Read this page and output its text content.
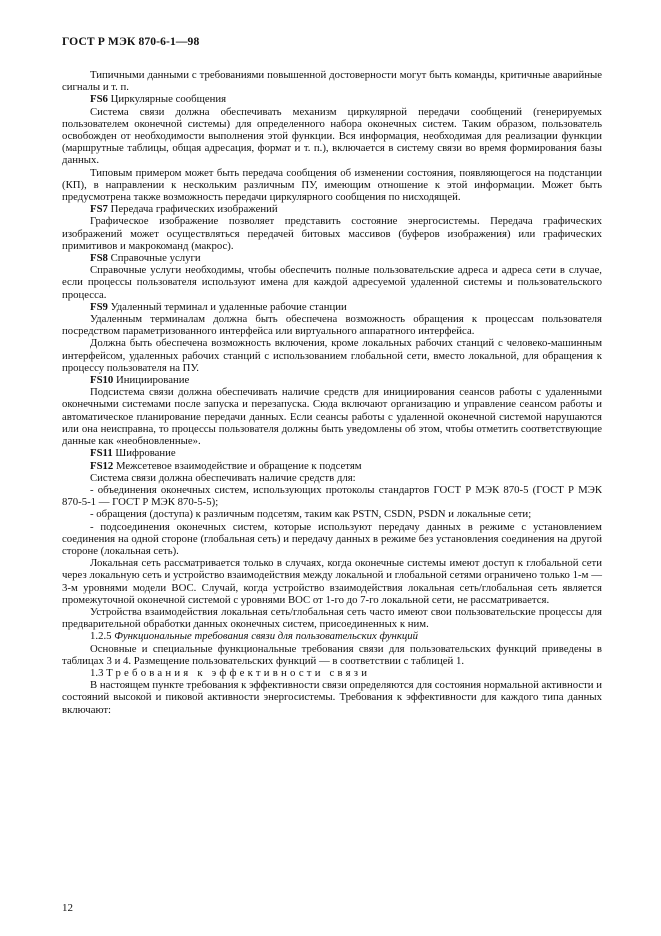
ГОСТ Р МЭК 870-6-1—98

Типичными данными с требованиями повышенной достоверности могут быть команды, критичные аварийные сигналы и т. п.

FS6 Циркулярные сообщения

Система связи должна обеспечивать механизм циркулярной передачи сообщений (генерируемых пользователем оконечной системы) для определенного набора оконечных систем. Таким образом, пользователь освобожден от необходимости выполнения этой функции. Вся информация, необходимая для реализации функции (маршрутные таблицы, общая адресация, формат и т. п.), включается в систему связи во время формирования базы данных.

Типовым примером может быть передача сообщения об изменении состояния, появляющегося на подстанции (КП), в направлении к нескольким различным ПУ, имеющим отношение к этой информации. Может быть предусмотрена также возможность передачи циркулярного сообщения по нисходящей.

FS7 Передача графических изображений

Графическое изображение позволяет представить состояние энергосистемы. Передача графических изображений может осуществляться передачей битовых массивов (буферов изображения) или графических примитивов и макрокоманд (макрос).

FS8 Справочные услуги

Справочные услуги необходимы, чтобы обеспечить полные пользовательские адреса и адреса сети в случае, если процессы пользователя используют имена для каждой адресуемой удаленной системы и пользовательского процесса.

FS9 Удаленный терминал и удаленные рабочие станции

Удаленным терминалам должна быть обеспечена возможность обращения к процессам пользователя посредством параметризованного интерфейса или виртуального аппаратного интерфейса.

Должна быть обеспечена возможность включения, кроме локальных рабочих станций с человеко-машинным интерфейсом, удаленных рабочих станций с использованием глобальной сети, вместо локальной, для обращения к процессу пользователя на ПУ.

FS10 Инициирование

Подсистема связи должна обеспечивать наличие средств для инициирования сеансов работы с удаленными оконечными системами после запуска и перезапуска. Сюда включают организацию и управление сеансом работы и автоматическое планирование передачи данных. Если сеансы работы с удаленной оконечной системой нарушаются или она неисправна, то процессы пользователя должны быть уведомлены об этом, чтобы отметить соответствующие данные как «необновленные».

FS11 Шифрование

FS12 Межсетевое взаимодействие и обращение к подсетям

Система связи должна обеспечивать наличие средств для:

- объединения оконечных систем, использующих протоколы стандартов ГОСТ Р МЭК 870-5 (ГОСТ Р МЭК 870-5-1 — ГОСТ Р МЭК 870-5-5);

- обращения (доступа) к различным подсетям, таким как PSTN, CSDN, PSDN и локальные сети;

- подсоединения оконечных систем, которые используют передачу данных в режиме с установлением соединения на одной стороне (глобальная сеть) и передачу данных в режиме без установления соединения на другой стороне (локальная сеть).

Локальная сеть рассматривается только в случаях, когда оконечные системы имеют доступ к глобальной сети через локальную сеть и устройство взаимодействия между локальной и глобальной сетями ограничено только 1-м — 3-м уровнями модели ВОС. Случай, когда устройство взаимодействия локальная сеть/глобальная сеть является промежуточной оконечной системой с уровнями ВОС от 1-го до 7-го локальной сети, не рассматривается.

Устройства взаимодействия локальная сеть/глобальная сеть часто имеют свои пользовательские процессы для предварительной обработки данных оконечных систем, присоединенных к ним.

1.2.5 Функциональные требования связи для пользовательских функций

Основные и специальные функциональные требования связи для пользовательских функций приведены в таблицах 3 и 4. Размещение пользовательских функций — в соответствии с таблицей 1.

1.3 Требования к эффективности связи

В настоящем пункте требования к эффективности связи определяются для состояния нормальной активности и состояний высокой и пиковой активности энергосистемы. Требования к эффективности для каждого типа данных включают:

12
